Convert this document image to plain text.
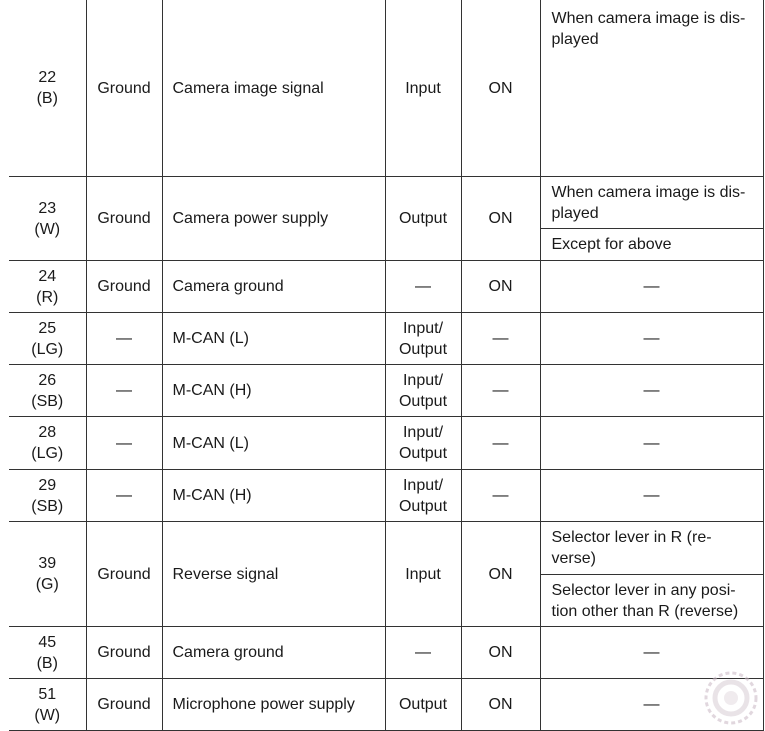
22
(B)	Ground	Camera image signal	Input	ON	When camera image is dis-
played

23
(W)	Ground	Camera power supply	Output	ON	When camera image is dis-
played

					Except for above

24
(R)	Ground	Camera ground	—	ON	—

25
(LG)	—	M-CAN (L)	Input/
Output	—	—

26
(SB)	—	M-CAN (H)	Input/
Output	—	—

28
(LG)	—	M-CAN (L)	Input/
Output	—	—

29
(SB)	—	M-CAN (H)	Input/
Output	—	—

39
(G)	Ground	Reverse signal	Input	ON	Selector lever in R (re-
verse)

					Selector lever in any posi-
tion other than R (reverse)

45
(B)	Ground	Camera ground	—	ON	—

51
(W)	Ground	Microphone power supply	Output	ON	—
